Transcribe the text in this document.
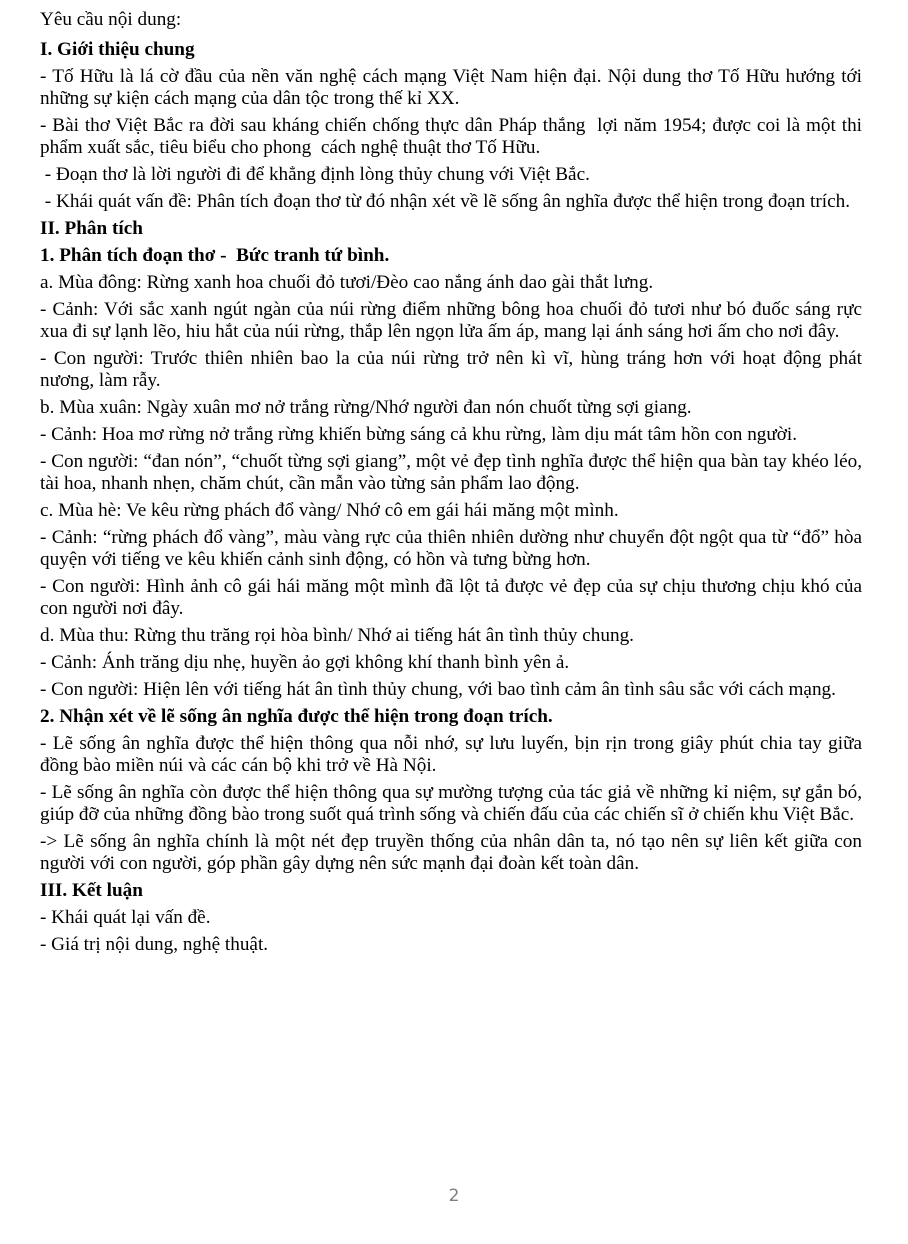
Yêu cầu nội dung:

I. Giới thiệu chung

- Tố Hữu là lá cờ đầu của nền văn nghệ cách mạng Việt Nam hiện đại. Nội dung thơ Tố Hữu hướng tới những sự kiện cách mạng của dân tộc trong thế kỉ XX.

- Bài thơ Việt Bắc ra đời sau kháng chiến chống thực dân Pháp thắng  lợi năm 1954; được coi là một thi phẩm xuất sắc, tiêu biểu cho phong  cách nghệ thuật thơ Tố Hữu.

- Đoạn thơ là lời người đi để khẳng định lòng thủy chung với Việt Bắc.

- Khái quát vấn đề: Phân tích đoạn thơ từ đó nhận xét về lẽ sống ân nghĩa được thể hiện trong đoạn trích.

II. Phân tích

1. Phân tích đoạn thơ -  Bức tranh tứ bình.

a. Mùa đông: Rừng xanh hoa chuối đỏ tươi/Đèo cao nắng ánh dao gài thắt lưng.

- Cảnh: Với sắc xanh ngút ngàn của núi rừng điểm những bông hoa chuối đỏ tươi như bó đuốc sáng rực xua đi sự lạnh lẽo, hiu hắt của núi rừng, thắp lên ngọn lửa ấm áp, mang lại ánh sáng hơi ấm cho nơi đây.

- Con người: Trước thiên nhiên bao la của núi rừng trở nên kì vĩ, hùng tráng hơn với hoạt động phát nương, làm rẫy.

b. Mùa xuân: Ngày xuân mơ nở trắng rừng/Nhớ người đan nón chuốt từng sợi giang.

- Cảnh: Hoa mơ rừng nở trắng rừng khiến bừng sáng cả khu rừng, làm dịu mát tâm hồn con người.

- Con người: “đan nón”, “chuốt từng sợi giang”, một vẻ đẹp tình nghĩa được thể hiện qua bàn tay khéo léo, tài hoa, nhanh nhẹn, chăm chút, cần mẫn vào từng sản phẩm lao động.

c. Mùa hè: Ve kêu rừng phách đổ vàng/ Nhớ cô em gái hái măng một mình.

- Cảnh: “rừng phách đổ vàng”, màu vàng rực của thiên nhiên dường như chuyển đột ngột qua từ “đổ” hòa quyện với tiếng ve kêu khiến cảnh sinh động, có hồn và tưng bừng hơn.

- Con người: Hình ảnh cô gái hái măng một mình đã lột tả được vẻ đẹp của sự chịu thương chịu khó của con người nơi đây.

d. Mùa thu: Rừng thu trăng rọi hòa bình/ Nhớ ai tiếng hát ân tình thủy chung.

- Cảnh: Ánh trăng dịu nhẹ, huyền ảo gợi không khí thanh bình yên ả.

- Con người: Hiện lên với tiếng hát ân tình thủy chung, với bao tình cảm ân tình sâu sắc với cách mạng.

2. Nhận xét về lẽ sống ân nghĩa được thể hiện trong đoạn trích.

- Lẽ sống ân nghĩa được thể hiện thông qua nỗi nhớ, sự lưu luyến, bịn rịn trong giây phút chia tay giữa đồng bào miền núi và các cán bộ khi trở về Hà Nội.

- Lẽ sống ân nghĩa còn được thể hiện thông qua sự mường tượng của tác giả về những kỉ niệm, sự gắn bó, giúp đỡ của những đồng bào trong suốt quá trình sống và chiến đấu của các chiến sĩ ở chiến khu Việt Bắc.

-> Lẽ sống ân nghĩa chính là một nét đẹp truyền thống của nhân dân ta, nó tạo nên sự liên kết giữa con người với con người, góp phần gây dựng nên sức mạnh đại đoàn kết toàn dân.

III. Kết luận

- Khái quát lại vấn đề.

- Giá trị nội dung, nghệ thuật.

2
